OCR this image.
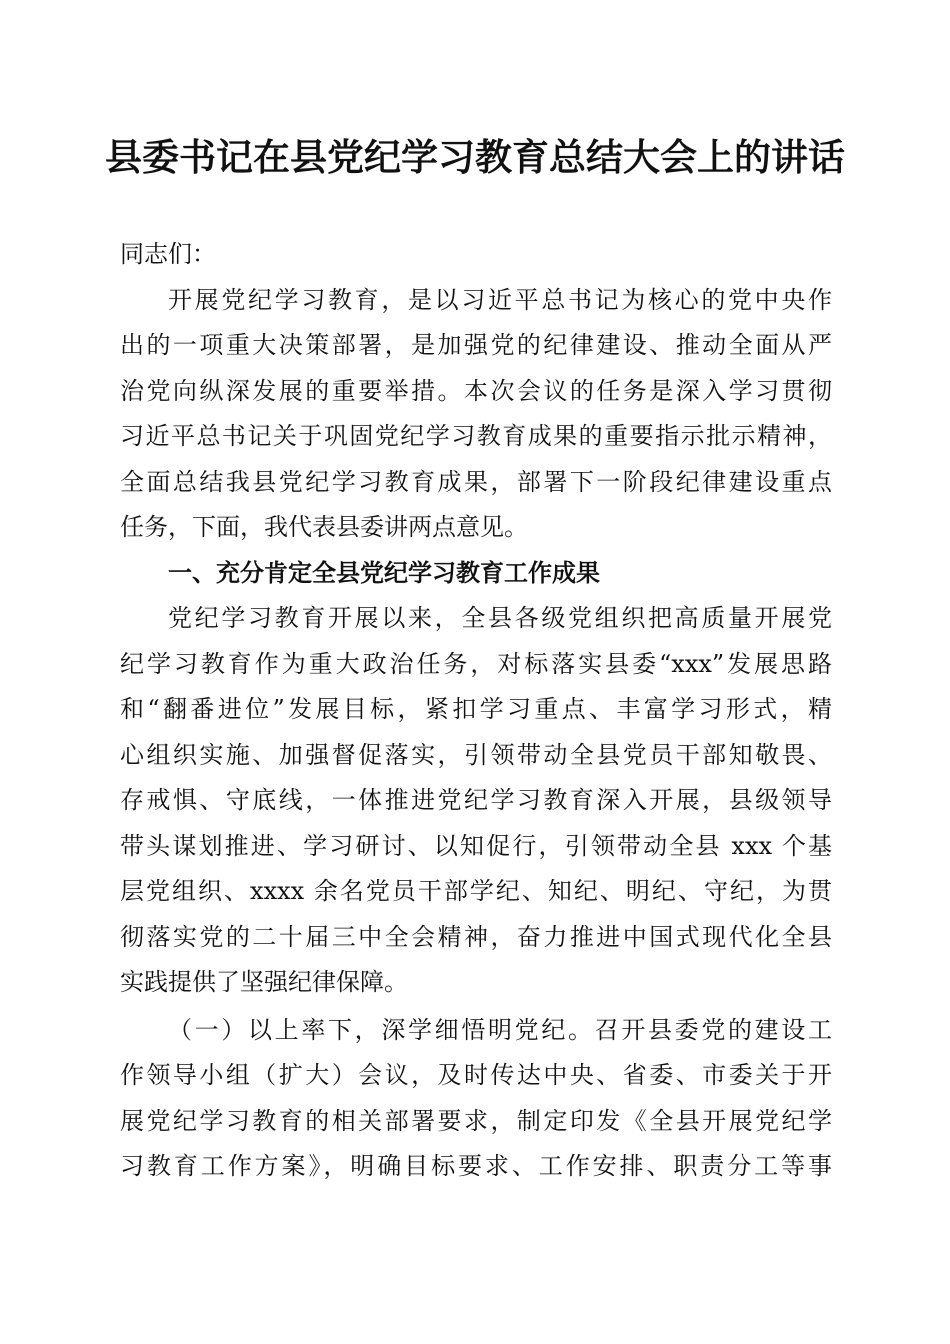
县委书记在县党纪学习教育总结大会上的讲话
同志们：
开展党纪学习教育，是以习近平总书记为核心的党中央作
出的一项重大决策部署，是加强党的纪律建设、推动全面从严
治党向纵深发展的重要举措。本次会议的任务是深入学习贯彻
习近平总书记关于巩固党纪学习教育成果的重要指示批示精神，
全面总结我县党纪学习教育成果，部署下一阶段纪律建设重点
任务，下面，我代表县委讲两点意见。
一、充分肯定全县党纪学习教育工作成果
党纪学习教育开展以来，全县各级党组织把高质量开展党
纪学习教育作为重大政治任务，对标落实县委“xxx”发展思路
和“翻番进位”发展目标，紧扣学习重点、丰富学习形式，精
心组织实施、加强督促落实，引领带动全县党员干部知敬畏、
存戒惧、守底线，一体推进党纪学习教育深入开展，县级领导
带头谋划推进、学习研讨、以知促行，引领带动全县 xxx 个基
层党组织、xxxx 余名党员干部学纪、知纪、明纪、守纪，为贯
彻落实党的二十届三中全会精神，奋力推进中国式现代化全县
实践提供了坚强纪律保障。
（一）以上率下，深学细悟明党纪。召开县委党的建设工
作领导小组（扩大）会议，及时传达中央、省委、市委关于开
展党纪学习教育的相关部署要求，制定印发《全县开展党纪学
习教育工作方案》，明确目标要求、工作安排、职责分工等事
